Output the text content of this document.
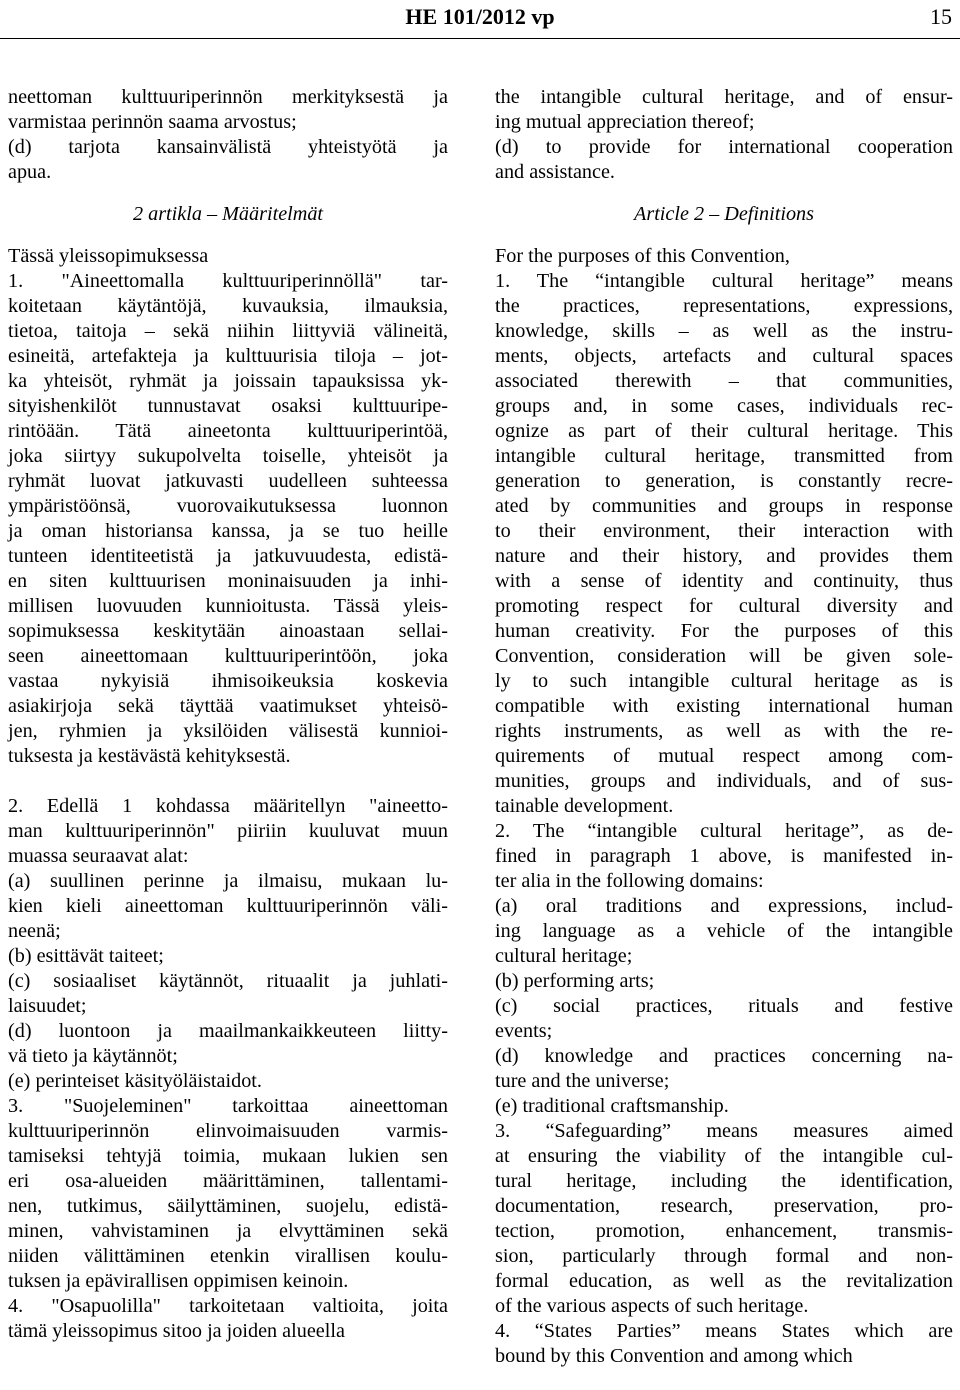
HE 101/2012 vp	15
neettoman kulttuuriperinnön merkityksestä ja
varmistaa perinnön saama arvostus;
(d) tarjota kansainvälistä yhteistyötä ja
apua.
2 artikla – Määritelmät
Tässä yleissopimuksessa
1. "Aineettomalla kulttuuriperinnöllä" tar-
koitetaan käytäntöjä, kuvauksia, ilmauksia,
tietoa, taitoja – sekä niihin liittyviä välineitä,
esineitä, artefakteja ja kulttuurisia tiloja – jot-
ka yhteisöt, ryhmät ja joissain tapauksissa yk-
sityishenkilöt tunnustavat osaksi kulttuuripe-
rintöään. Tätä aineetonta kulttuuriperintöä,
joka siirtyy sukupolvelta toiselle, yhteisöt ja
ryhmät luovat jatkuvasti uudelleen suhteessa
ympäristöönsä, vuorovaikutuksessa luonnon
ja oman historiansa kanssa, ja se tuo heille
tunteen identiteetistä ja jatkuvuudesta, edistä-
en siten kulttuurisen moninaisuuden ja inhi-
millisen luovuuden kunnioitusta. Tässä yleis-
sopimuksessa keskitytään ainoastaan sellai-
seen aineettomaan kulttuuriperintöön, joka
vastaa nykyisiä ihmisoikeuksia koskevia
asiakirjoja sekä täyttää vaatimukset yhteisö-
jen, ryhmien ja yksilöiden välisestä kunnioi-
tuksesta ja kestävästä kehityksestä.
2. Edellä 1 kohdassa määritellyn "aineetto-
man kulttuuriperinnön" piiriin kuuluvat muun
muassa seuraavat alat:
(a) suullinen perinne ja ilmaisu, mukaan lu-
kien kieli aineettoman kulttuuriperinnön väli-
neenä;
(b) esittävät taiteet;
(c) sosiaaliset käytännöt, rituaalit ja juhlati-
laisuudet;
(d) luontoon ja maailmankaikkeuteen liitty-
vä tieto ja käytännöt;
(e) perinteiset käsityöläistaidot.
3. "Suojeleminen" tarkoittaa aineettoman
kulttuuriperinnön elinvoimaisuuden varmis-
tamiseksi tehtyjä toimia, mukaan lukien sen
eri osa-alueiden määrittäminen, tallentami-
nen, tutkimus, säilyttäminen, suojelu, edistä-
minen, vahvistaminen ja elvyttäminen sekä
niiden välittäminen etenkin virallisen koulu-
tuksen ja epävirallisen oppimisen keinoin.
4. "Osapuolilla" tarkoitetaan valtioita, joita
tämä yleissopimus sitoo ja joiden alueella
the intangible cultural heritage, and of ensur-
ing mutual appreciation thereof;
(d) to provide for international cooperation
and assistance.
Article 2 – Definitions
For the purposes of this Convention,
1. The “intangible cultural heritage” means
the practices, representations, expressions,
knowledge, skills – as well as the instru-
ments, objects, artefacts and cultural spaces
associated therewith – that communities,
groups and, in some cases, individuals rec-
ognize as part of their cultural heritage. This
intangible cultural heritage, transmitted from
generation to generation, is constantly recre-
ated by communities and groups in response
to their environment, their interaction with
nature and their history, and provides them
with a sense of identity and continuity, thus
promoting respect for cultural diversity and
human creativity. For the purposes of this
Convention, consideration will be given sole-
ly to such intangible cultural heritage as is
compatible with existing international human
rights instruments, as well as with the re-
quirements of mutual respect among com-
munities, groups and individuals, and of sus-
tainable development.
2. The “intangible cultural heritage”, as de-
fined in paragraph 1 above, is manifested in-
ter alia in the following domains:
(a) oral traditions and expressions, includ-
ing language as a vehicle of the intangible
cultural heritage;
(b) performing arts;
(c) social practices, rituals and festive
events;
(d) knowledge and practices concerning na-
ture and the universe;
(e) traditional craftsmanship.
3. “Safeguarding” means measures aimed
at ensuring the viability of the intangible cul-
tural heritage, including the identification,
documentation, research, preservation, pro-
tection, promotion, enhancement, transmis-
sion, particularly through formal and non-
formal education, as well as the revitalization
of the various aspects of such heritage.
4. “States Parties” means States which are
bound by this Convention and among which
